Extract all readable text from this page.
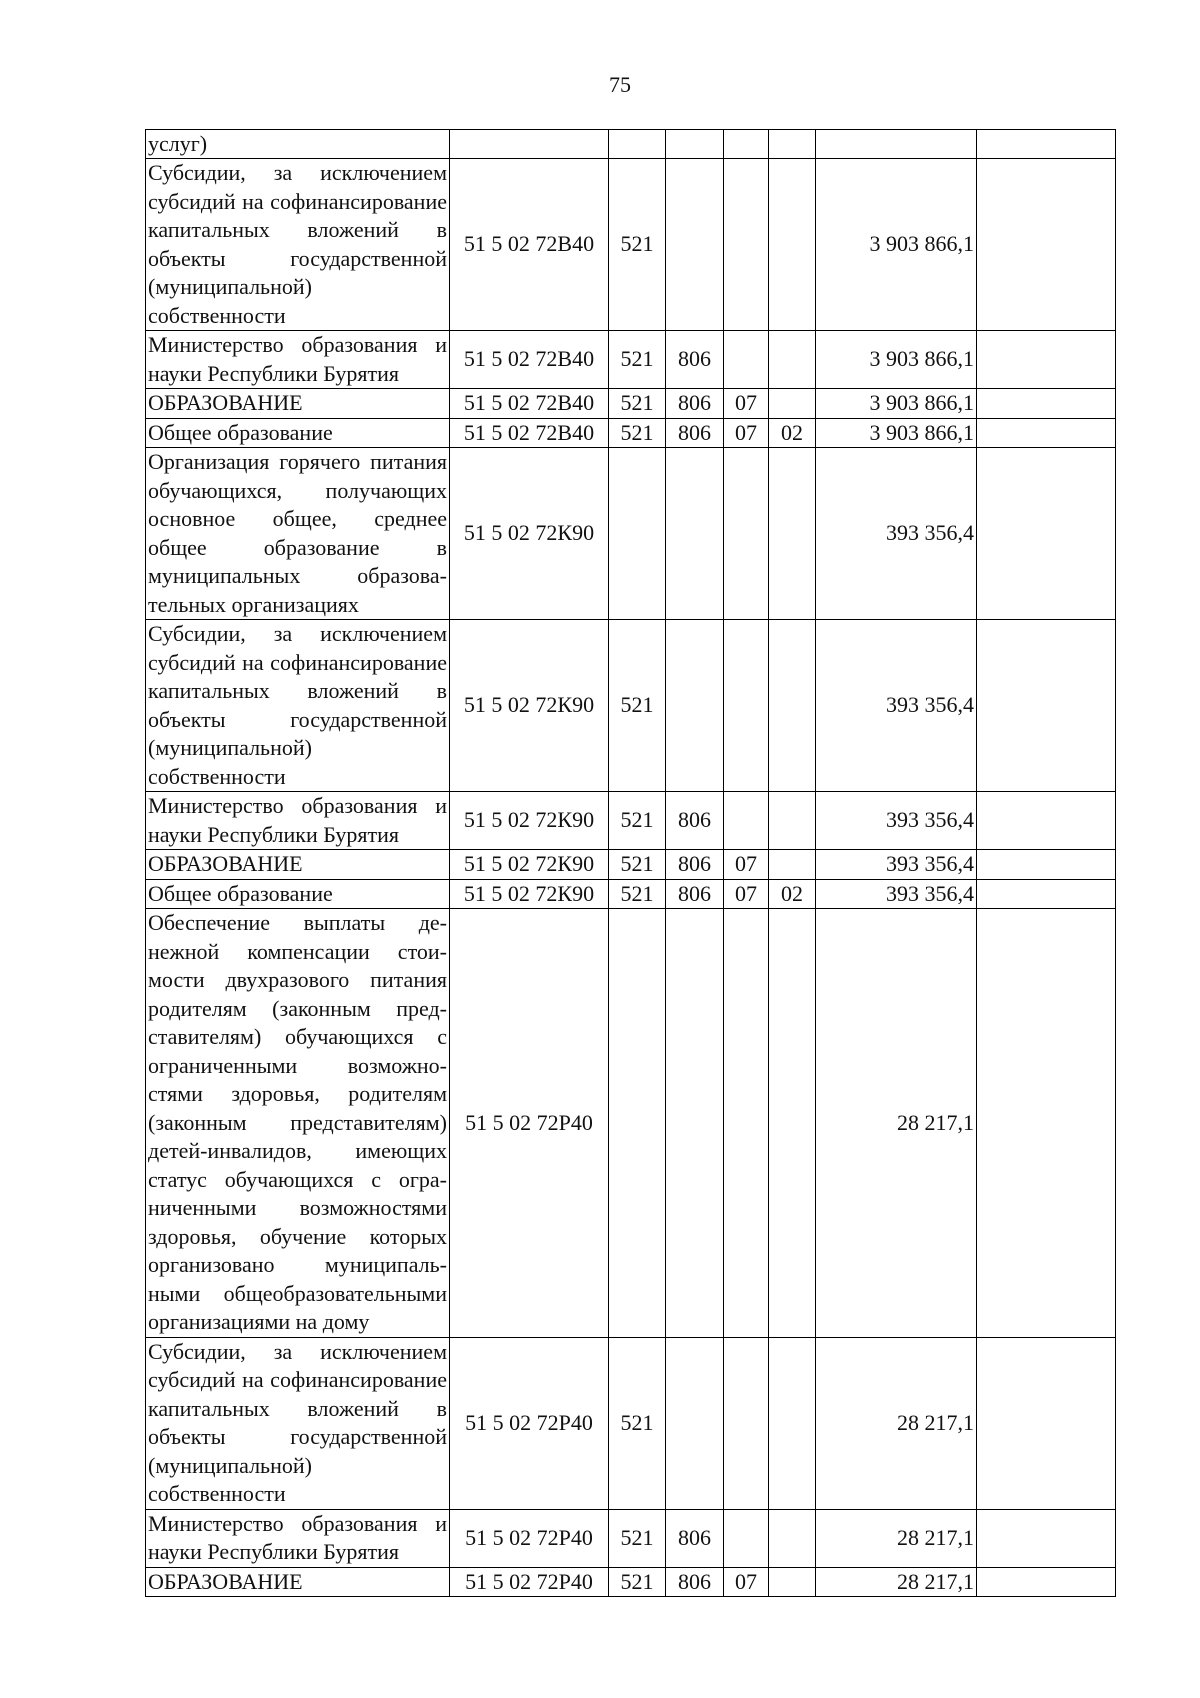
75
услуг)							
Субсидии, за исключением субсидий на софинансирование капитальных вложений в объекты государственной (муниципальной) собственности	51 5 02 72В40	521				3 903 866,1	
Министерство образования и науки Республики Бурятия	51 5 02 72В40	521	806			3 903 866,1	
ОБРАЗОВАНИЕ	51 5 02 72В40	521	806	07		3 903 866,1	
Общее образование	51 5 02 72В40	521	806	07	02	3 903 866,1	
Организация горячего питания обучающихся, получающих основное общее, среднее общее образование в муниципальных образовательных организациях	51 5 02 72К90					393 356,4	
Субсидии, за исключением субсидий на софинансирование капитальных вложений в объекты государственной (муниципальной) собственности	51 5 02 72К90	521				393 356,4	
Министерство образования и науки Республики Бурятия	51 5 02 72К90	521	806			393 356,4	
ОБРАЗОВАНИЕ	51 5 02 72К90	521	806	07		393 356,4	
Общее образование	51 5 02 72К90	521	806	07	02	393 356,4	
Обеспечение выплаты денежной компенсации стоимости двухразового питания родителям (законным представителям) обучающихся с ограниченными возможностями здоровья, родителям (законным представителям) детей-инвалидов, имеющих статус обучающихся с ограниченными возможностями здоровья, обучение которых организовано муниципальными общеобразовательными организациями на дому	51 5 02 72Р40					28 217,1	
Субсидии, за исключением субсидий на софинансирование капитальных вложений в объекты государственной (муниципальной) собственности	51 5 02 72Р40	521				28 217,1	
Министерство образования и науки Республики Бурятия	51 5 02 72Р40	521	806			28 217,1	
ОБРАЗОВАНИЕ	51 5 02 72Р40	521	806	07		28 217,1	
